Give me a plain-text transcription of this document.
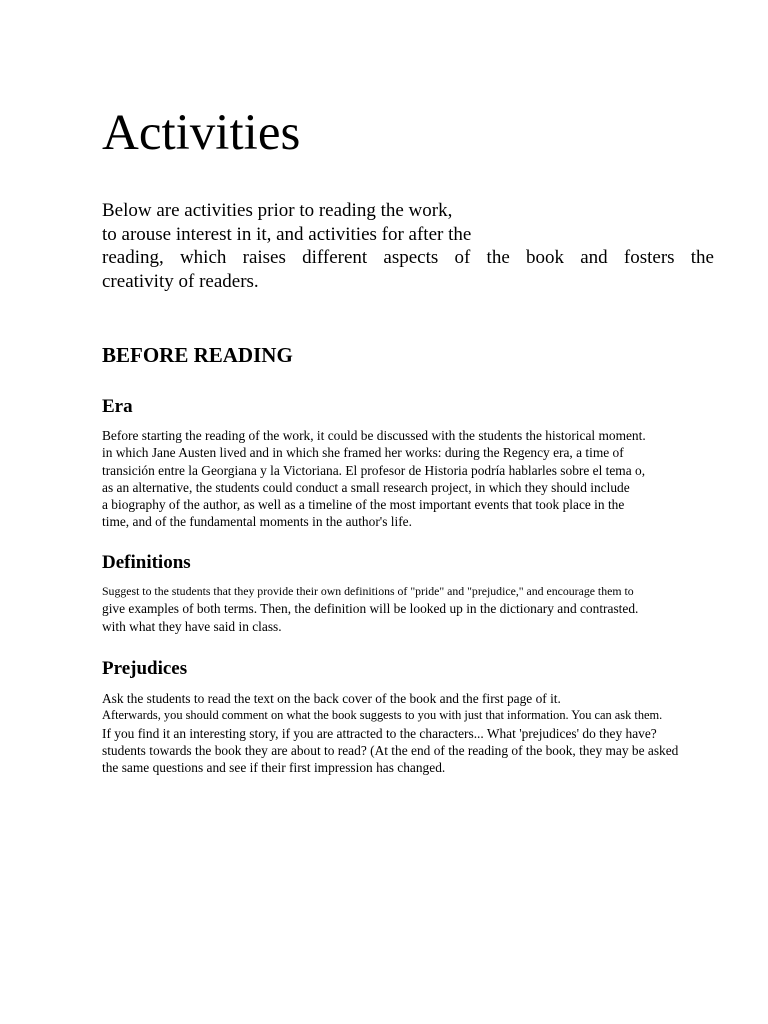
Activities

Below are activities prior to reading the work,
to arouse interest in it, and activities for after the
reading, which raises different aspects of the book and fosters the
creativity of readers.

BEFORE READING
Era

Before starting the reading of the work, it could be discussed with the students the historical moment.
in which Jane Austen lived and in which she framed her works: during the Regency era, a time of
transición entre la Georgiana y la Victoriana. El profesor de Historia podría hablarles sobre el tema o,
as an alternative, the students could conduct a small research project, in which they should include
a biography of the author, as well as a timeline of the most important events that took place in the
time, and of the fundamental moments in the author's life.

Definitions

Suggest to the students that they provide their own definitions of "pride" and "prejudice," and encourage them to
give examples of both terms. Then, the definition will be looked up in the dictionary and contrasted.
with what they have said in class.

Prejudices

Ask the students to read the text on the back cover of the book and the first page of it.
Afterwards, you should comment on what the book suggests to you with just that information. You can ask them.
If you find it an interesting story, if you are attracted to the characters... What 'prejudices' do they have?
students towards the book they are about to read? (At the end of the reading of the book, they may be asked
the same questions and see if their first impression has changed.
